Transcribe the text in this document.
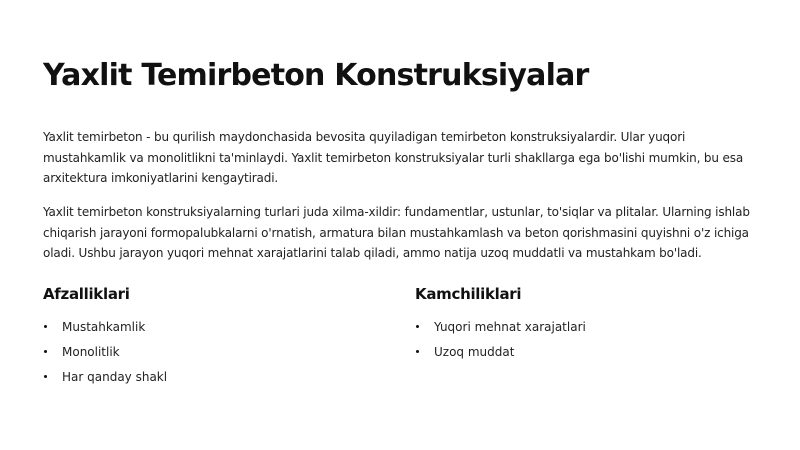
Yaxlit Temirbeton Konstruksiyalar

Yaxlit temirbeton - bu qurilish maydonchasida bevosita quyiladigan temirbeton konstruksiyalardir. Ular yuqori mustahkamlik va monolitlikni ta'minlaydi. Yaxlit temirbeton konstruksiyalar turli shakllarga ega bo'lishi mumkin, bu esa arxitektura imkoniyatlarini kengaytiradi.

Yaxlit temirbeton konstruksiyalarning turlari juda xilma-xildir: fundamentlar, ustunlar, to'siqlar va plitalar. Ularning ishlab chiqarish jarayoni formopalubkalarni o'rnatish, armatura bilan mustahkamlash va beton qorishmasini quyishni o'z ichiga oladi. Ushbu jarayon yuqori mehnat xarajatlarini talab qiladi, ammo natija uzoq muddatli va mustahkam bo'ladi.

Afzalliklari
Mustahkamlik
Monolitlik
Har qanday shakl
Kamchiliklari
Yuqori mehnat xarajatlari
Uzoq muddat
